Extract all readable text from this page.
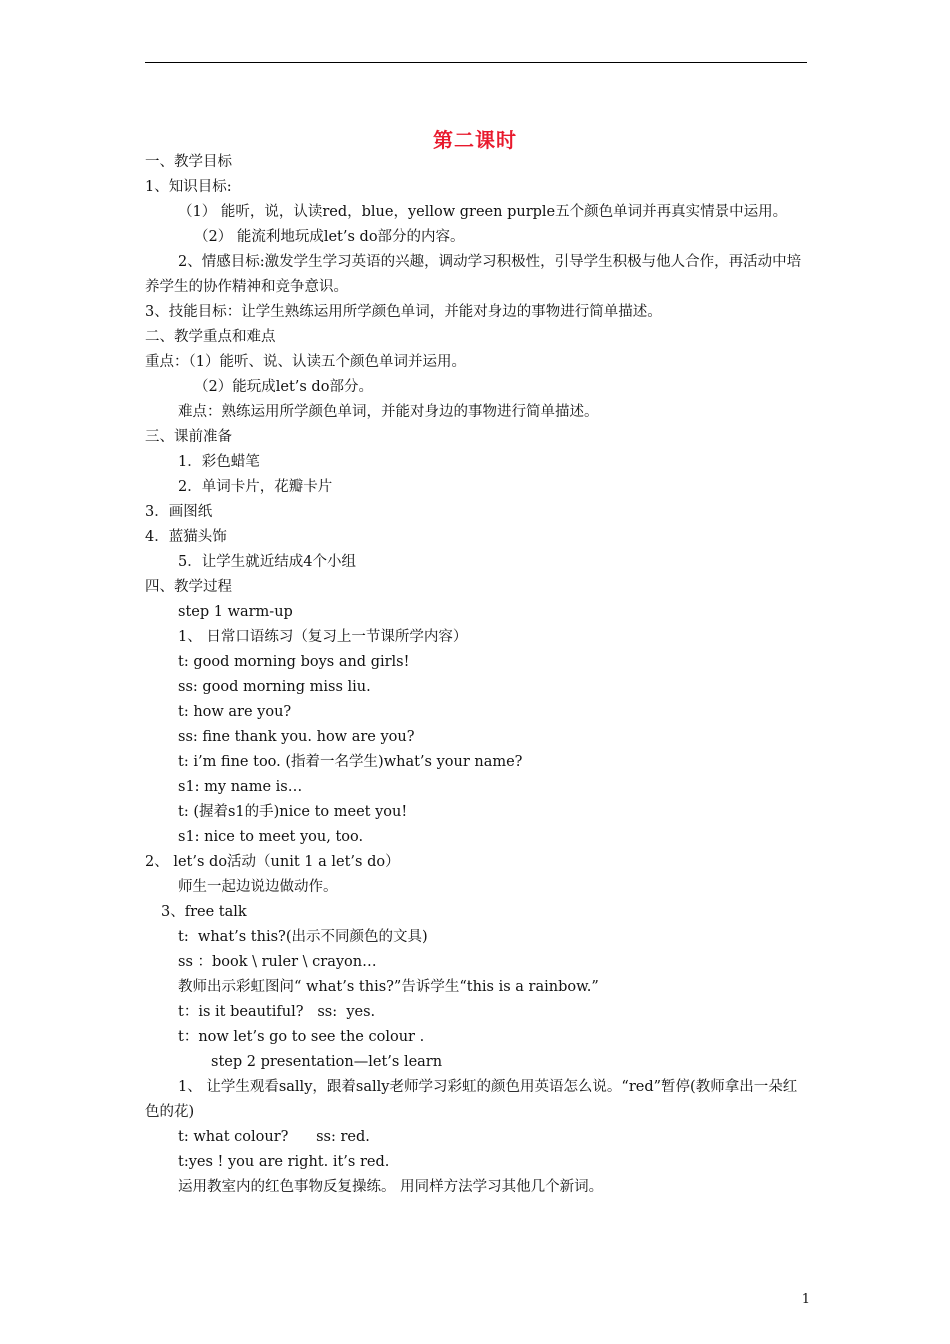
第二课时
一、教学目标
1、知识目标:
（1） 能听，说，认读red，blue，yellow green purple五个颜色单词并再真实情景中运用。
（2） 能流利地玩成let’s do部分的内容。
2、情感目标:激发学生学习英语的兴趣，调动学习积极性，引导学生积极与他人合作，再活动中培养学生的协作精神和竞争意识。
3、技能目标：让学生熟练运用所学颜色单词，并能对身边的事物进行简单描述。
二、教学重点和难点
重点：（1）能听、说、认读五个颜色单词并运用。
（2）能玩成let’s do部分。
难点：熟练运用所学颜色单词，并能对身边的事物进行简单描述。
三、课前准备
1．彩色蜡笔
2．单词卡片，花瓣卡片
3．画图纸
4．蓝猫头饰
5．让学生就近结成4个小组
四、教学过程
step 1 warm-up
1、 日常口语练习（复习上一节课所学内容）
t: good morning boys and girls!
ss: good morning miss liu.
t: how are you?
ss: fine thank you. how are you?
t: i’m fine too. (指着一名学生)what’s your name?
s1: my name is…
t: (握着s1的手)nice to meet you!
s1: nice to meet you, too.
2、 let’s do活动（unit 1 a let’s do）
师生一起边说边做动作。
3、free talk
t:  what’s this?(出示不同颜色的文具)
ss ：book \ ruler \ crayon…
教师出示彩虹图问“ what’s this?”告诉学生“this is a rainbow.”
t：is it beautiful?   ss:  yes.
t：now let’s go to see the colour .
step 2 presentation—let’s learn
1、 让学生观看sally，跟着sally老师学习彩虹的颜色用英语怎么说。“red”暂停(教师拿出一朵红色的花)
t: what colour?      ss: red.
t:yes ! you are right. it’s red.
运用教室内的红色事物反复操练。 用同样方法学习其他几个新词。
1
